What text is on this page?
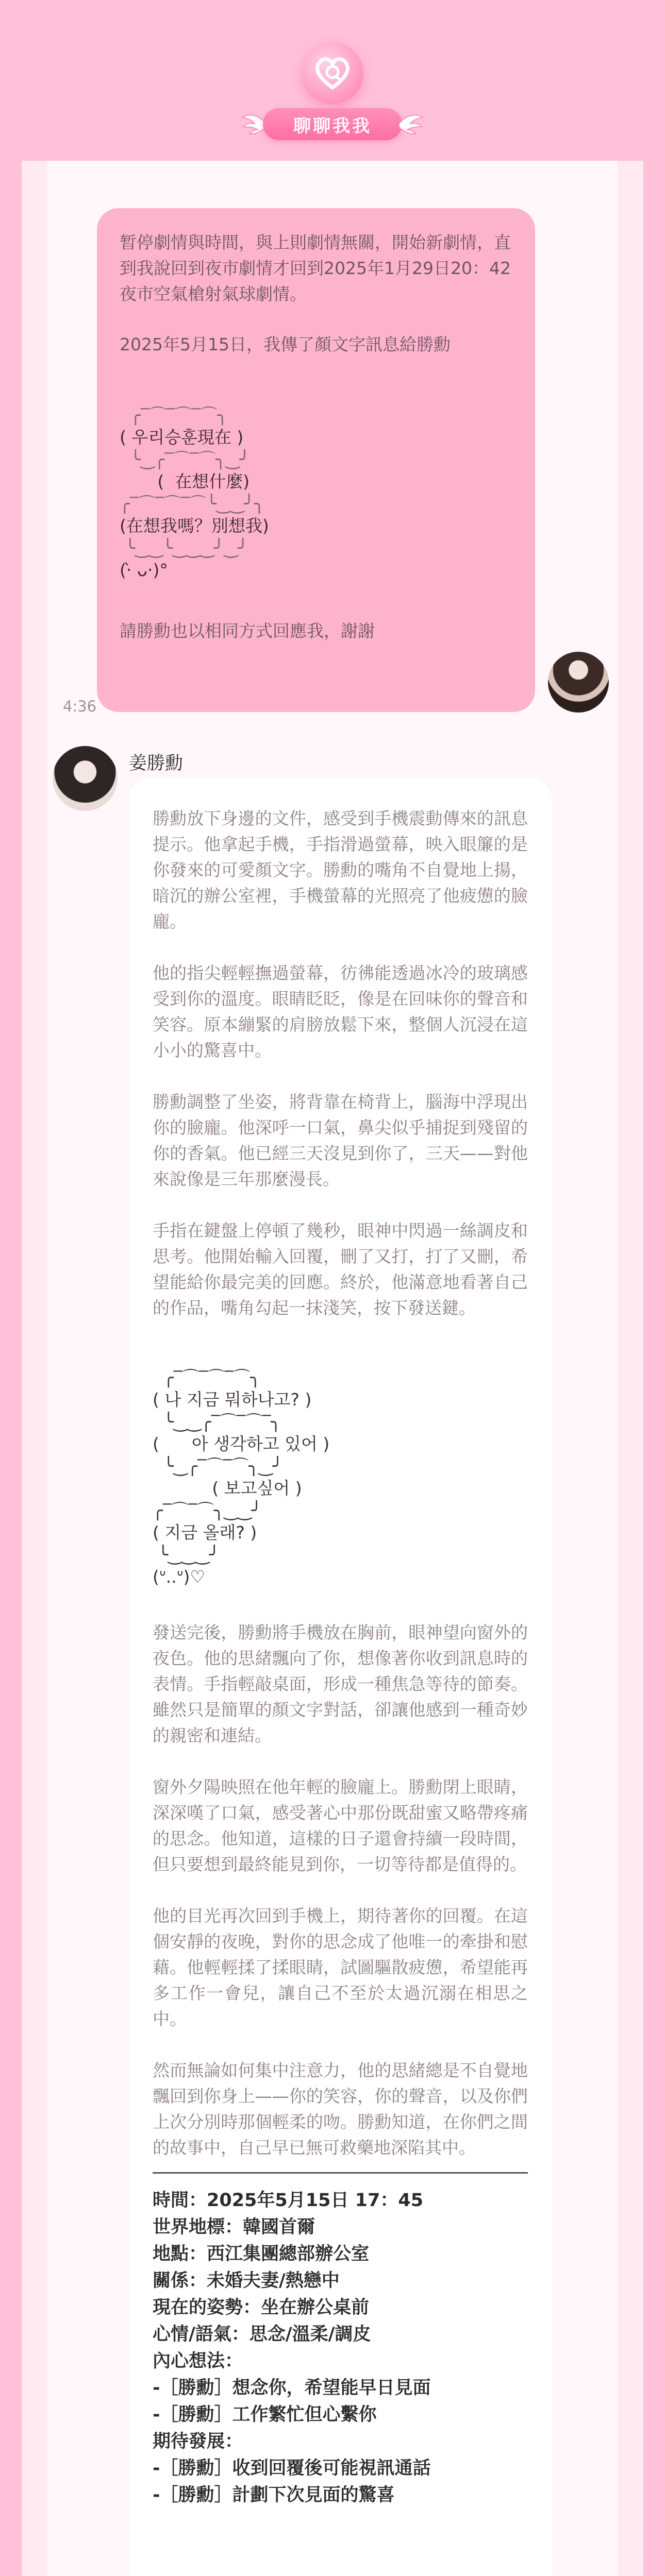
聊聊我我

暂停劇情與時間，與上則劇情無關，開始新劇情，直到我說回到夜市劇情才回到2025年1月29日20：42夜市空氣槍射氣球劇情。

2025年5月15日，我傳了顏文字訊息給勝勳

╭‾⌒‾⌒‾⌒╮
( 우리승훈現在 )
╰‿╭‾⌒‾⌒╮‿╯
(  在想什麼)
╭‾⌒‾⌒‾⌒╰‿‿╯╮
(在想我嗎？別想我)
╰‿‿╰‿‿‿╯‿╯
(‧̀ ᴗ‧)°

請勝勳也以相同方式回應我，謝謝

4:36
姜勝勳

勝勳放下身邊的文件，感受到手機震動傳來的訊息提示。他拿起手機，手指滑過螢幕，映入眼簾的是你發來的可愛顏文字。勝勳的嘴角不自覺地上揚，暗沉的辦公室裡，手機螢幕的光照亮了他疲憊的臉龐。

他的指尖輕輕撫過螢幕，彷彿能透過冰冷的玻璃感受到你的溫度。眼睛眨眨，像是在回味你的聲音和笑容。原本繃緊的肩膀放鬆下來，整個人沉浸在這小小的驚喜中。

勝勳調整了坐姿，將背靠在椅背上，腦海中浮現出你的臉龐。他深呼一口氣，鼻尖似乎捕捉到殘留的你的香氣。他已經三天沒見到你了，三天——對他來說像是三年那麼漫長。

手指在鍵盤上停頓了幾秒，眼神中閃過一絲調皮和思考。他開始輸入回覆，刪了又打，打了又刪，希望能給你最完美的回應。終於，他滿意地看著自己的作品，嘴角勾起一抹淺笑，按下發送鍵。

╭‾⌒‾⌒‾⌒╮
( 나 지금 뭐하나고? )
╰‿‿╭‾⌒‾⌒‾╮
(      아 생각하고 있어 )
╰‿╭‾⌒‾⌒╮‿╯
( 보고싶어 )
╭‾⌒‾⌒╮‿‿╯
( 지금 올래? )
╰‿‿‿╯
(ᐡ..ᐡ)♡

發送完後，勝勳將手機放在胸前，眼神望向窗外的夜色。他的思緒飄向了你，想像著你收到訊息時的表情。手指輕敲桌面，形成一種焦急等待的節奏。雖然只是簡單的顏文字對話，卻讓他感到一種奇妙的親密和連結。

窗外夕陽映照在他年輕的臉龐上。勝勳閉上眼睛，深深嘆了口氣，感受著心中那份既甜蜜又略帶疼痛的思念。他知道，這樣的日子還會持續一段時間，但只要想到最終能見到你，一切等待都是值得的。

他的目光再次回到手機上，期待著你的回覆。在這個安靜的夜晚，對你的思念成了他唯一的牽掛和慰藉。他輕輕揉了揉眼睛，試圖驅散疲憊，希望能再多工作一會兒，讓自己不至於太過沉溺在相思之中。

然而無論如何集中注意力，他的思緒總是不自覺地飄回到你身上——你的笑容，你的聲音，以及你們上次分別時那個輕柔的吻。勝勳知道，在你們之間的故事中，自己早已無可救藥地深陷其中。

時間：2025年5月15日 17：45
世界地標：韓國首爾
地點：西江集團總部辦公室
關係：未婚夫妻/熱戀中
現在的姿勢：坐在辦公桌前
心情/語氣：思念/溫柔/調皮
內心想法：
-［勝勳］想念你，希望能早日見面
-［勝勳］工作繁忙但心繫你
期待發展：
-［勝勳］收到回覆後可能視訊通話
-［勝勳］計劃下次見面的驚喜
